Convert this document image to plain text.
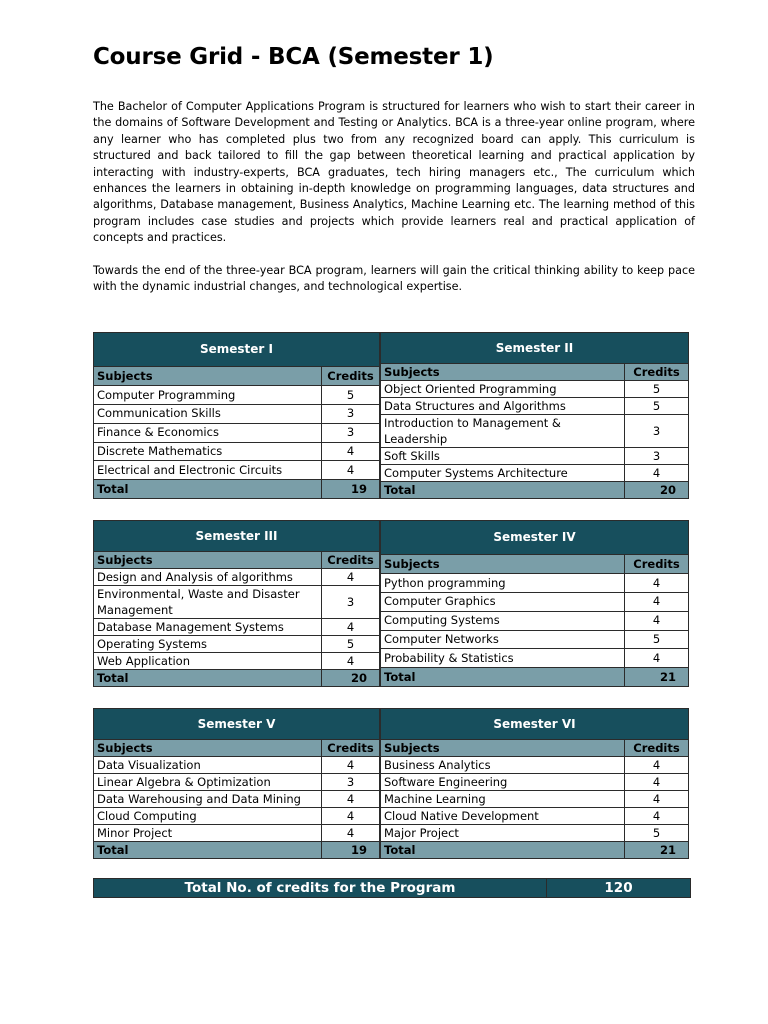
Course Grid - BCA (Semester 1)

The Bachelor of Computer Applications Program is structured for learners who wish to start their career in the domains of Software Development and Testing or Analytics. BCA is a three-year online program, where any learner who has completed plus two from any recognized board can apply. This curriculum is structured and back tailored to fill the gap between theoretical learning and practical application by interacting with industry-experts, BCA graduates, tech hiring managers etc., The curriculum which enhances the learners in obtaining in-depth knowledge on programming languages, data structures and algorithms, Database management, Business Analytics, Machine Learning etc. The learning method of this program includes case studies and projects which provide learners real and practical application of concepts and practices.

Towards the end of the three-year BCA program, learners will gain the critical thinking ability to keep pace with the dynamic industrial changes, and technological expertise.

Semester I	
Subjects	Credits
Computer Programming	5
Communication Skills	3
Finance & Economics	3
Discrete Mathematics	4
Electrical and Electronic Circuits	4
Total	19
Semester II	
Subjects	Credits
Object Oriented Programming	5
Data Structures and Algorithms	5
Introduction to Management & Leadership	3
Soft Skills	3
Computer Systems Architecture	4
Total	20
Semester III	
Subjects	Credits
Design and Analysis of algorithms	4
Environmental, Waste and Disaster Management	3
Database Management Systems	4
Operating Systems	5
Web Application	4
Total	20
Semester IV	
Subjects	Credits
Python programming	4
Computer Graphics	4
Computing Systems	4
Computer Networks	5
Probability & Statistics	4
Total	21
Semester V	
Subjects	Credits
Data Visualization	4
Linear Algebra & Optimization	3
Data Warehousing and Data Mining	4
Cloud Computing	4
Minor Project	4
Total	19
Semester VI	
Subjects	Credits
Business Analytics	4
Software Engineering	4
Machine Learning	4
Cloud Native Development	4
Major Project	5
Total	21
Total No. of credits for the Program	120
